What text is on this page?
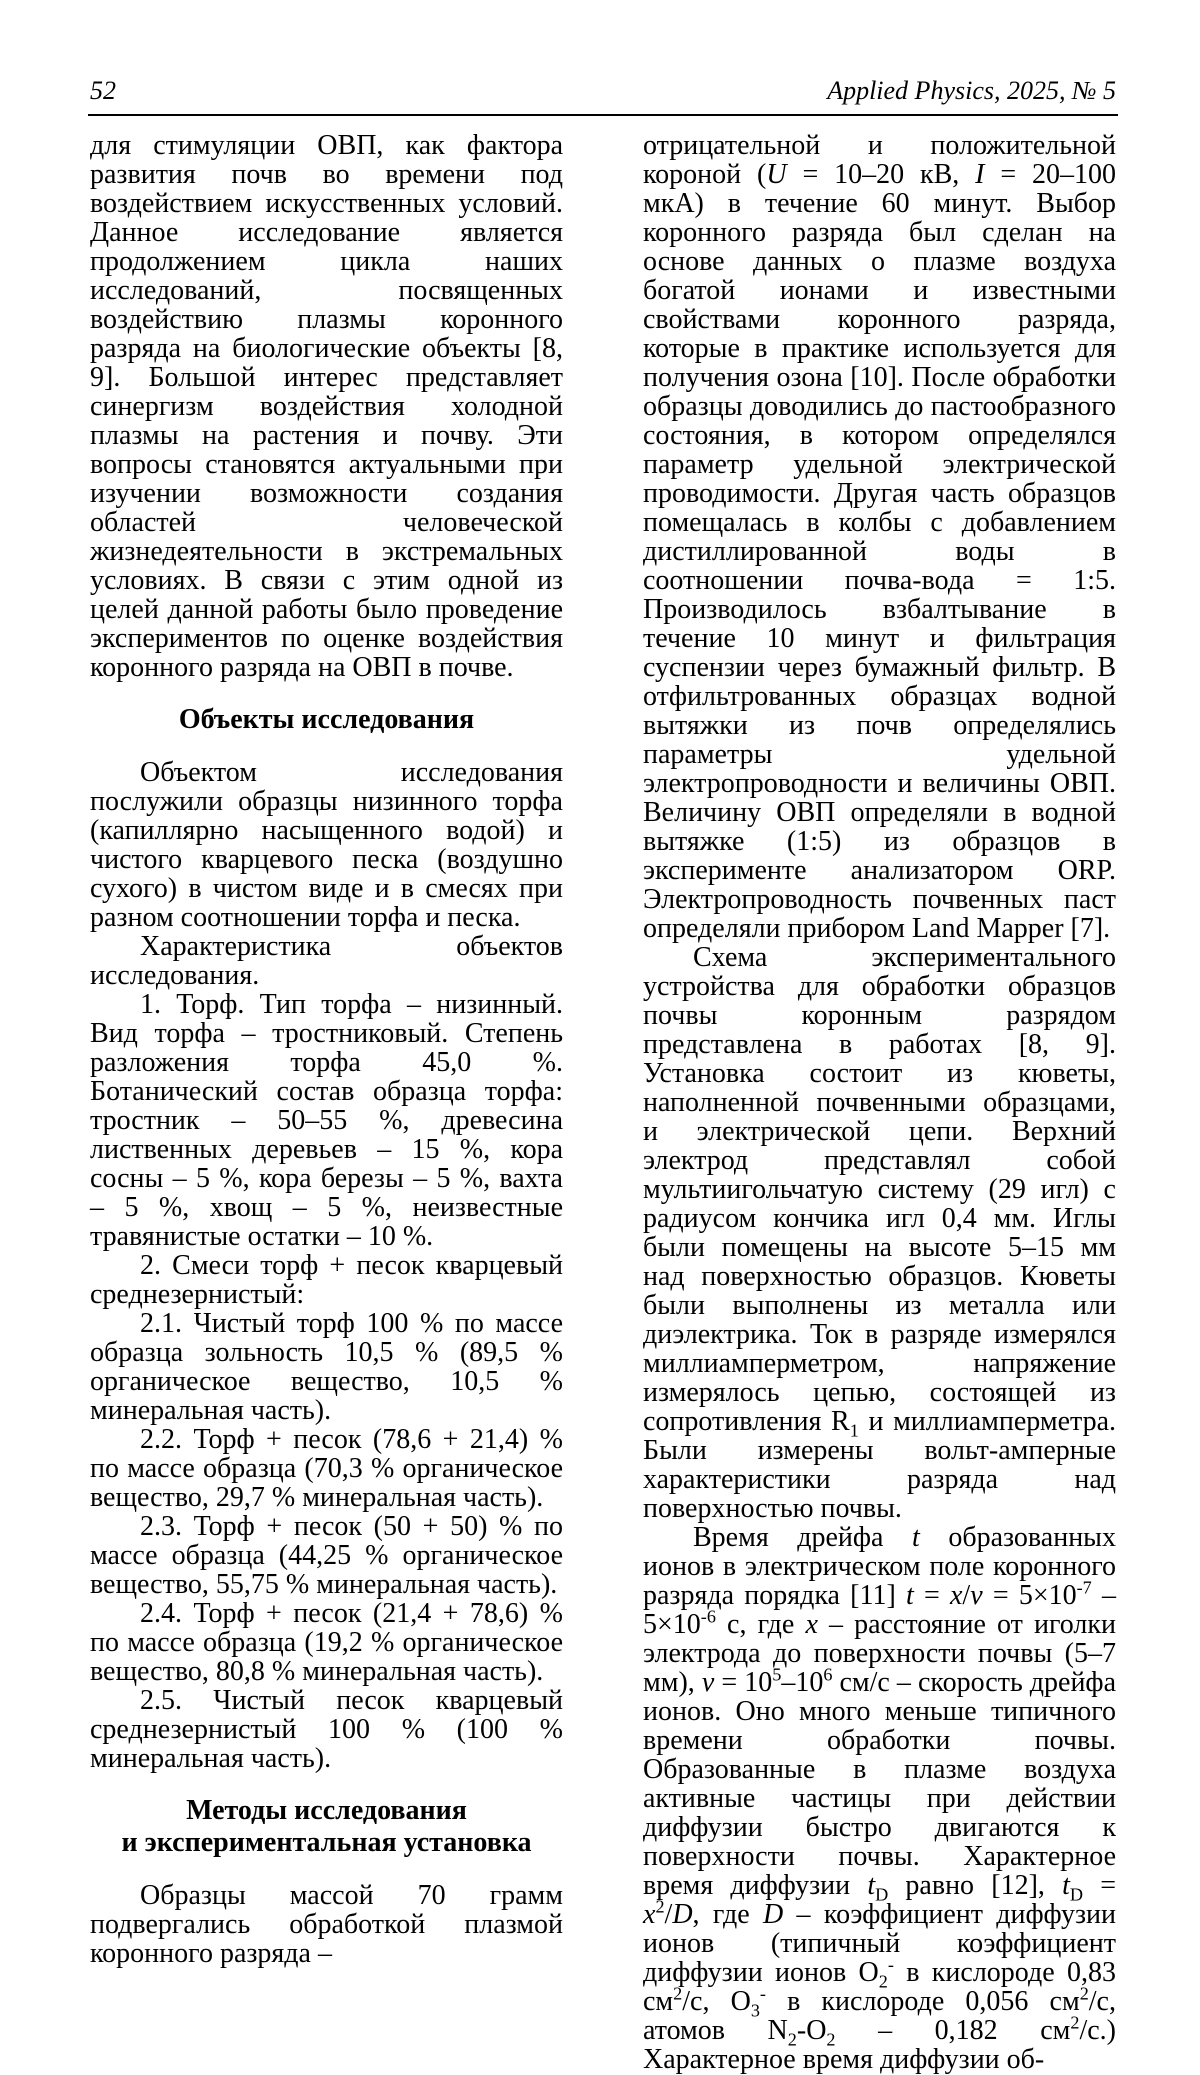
52	Applied Physics, 2025, № 5

для стимуляции ОВП, как фактора развития почв во времени под воздействием искусственных условий. Данное исследование является продолжением цикла наших исследований, посвященных воздействию плазмы коронного разряда на биологические объекты [8, 9]. Большой интерес представляет синергизм воздействия холодной плазмы на растения и почву. Эти вопросы становятся актуальными при изучении возможности создания областей человеческой жизнедеятельности в экстремальных условиях. В связи с этим одной из целей данной работы было проведение экспериментов по оценке воздействия коронного разряда на ОВП в почве.

Объекты исследования

Объектом исследования послужили образцы низинного торфа (капиллярно насыщенного водой) и чистого кварцевого песка (воздушно сухого) в чистом виде и в смесях при разном соотношении торфа и песка.

Характеристика объектов исследования.

1. Торф. Тип торфа – низинный. Вид торфа – тростниковый. Степень разложения торфа 45,0 %. Ботанический состав образца торфа: тростник – 50–55 %, древесина лиственных деревьев – 15 %, кора сосны – 5 %, кора березы – 5 %, вахта – 5 %, хвощ – 5 %, неизвестные травянистые остатки – 10 %.

2. Смеси торф + песок кварцевый среднезернистый:

2.1. Чистый торф 100 % по массе образца зольность 10,5 % (89,5 % органическое вещество, 10,5 % минеральная часть).

2.2. Торф + песок (78,6 + 21,4) % по массе образца (70,3 % органическое вещество, 29,7 % минеральная часть).

2.3. Торф + песок (50 + 50) % по массе образца (44,25 % органическое вещество, 55,75 % минеральная часть).

2.4. Торф + песок (21,4 + 78,6) % по массе образца (19,2 % органическое вещество, 80,8 % минеральная часть).

2.5. Чистый песок кварцевый среднезернистый 100 % (100 % минеральная часть).

Методы исследования
и экспериментальная установка

Образцы массой 70 грамм подвергались обработкой плазмой коронного разряда –

отрицательной и положительной короной (U = 10–20 кВ, I = 20–100 мкА) в течение 60 минут. Выбор коронного разряда был сделан на основе данных о плазме воздуха богатой ионами и известными свойствами коронного разряда, которые в практике используется для получения озона [10]. После обработки образцы доводились до пастообразного состояния, в котором определялся параметр удельной электрической проводимости. Другая часть образцов помещалась в колбы с добавлением дистиллированной воды в соотношении почва-вода = 1:5. Производилось взбалтывание в течение 10 минут и фильтрация суспензии через бумажный фильтр. В отфильтрованных образцах водной вытяжки из почв определялись параметры удельной электропроводности и величины ОВП. Величину ОВП определяли в водной вытяжке (1:5) из образцов в эксперименте анализатором ORP. Электропроводность почвенных паст определяли прибором Land Mapper [7].

Схема экспериментального устройства для обработки образцов почвы коронным разрядом представлена в работах [8, 9]. Установка состоит из кюветы, наполненной почвенными образцами, и электрической цепи. Верхний электрод представлял собой мультиигольчатую систему (29 игл) с радиусом кончика игл 0,4 мм. Иглы были помещены на высоте 5–15 мм над поверхностью образцов. Кюветы были выполнены из металла или диэлектрика. Ток в разряде измерялся миллиамперметром, напряжение измерялось цепью, состоящей из сопротивления $R_1$ и миллиамперметра. Были измерены вольт-амперные характеристики разряда над поверхностью почвы.

Время дрейфа t образованных ионов в электрическом поле коронного разряда порядка [11] $t = x/v = 5\times 10^{-7} - 5\times 10^{-6}$ с, где x – расстояние от иголки электрода до поверхности почвы (5–7 мм), $v = 10^5-10^6$ см/с – скорость дрейфа ионов. Оно много меньше типичного времени обработки почвы. Образованные в плазме воздуха активные частицы при действии диффузии быстро двигаются к поверхности почвы. Характерное время диффузии $t_D$ равно [12], $t_D = x^2/D$, где D – коэффициент диффузии ионов (типичный коэффициент диффузии ионов $O_2^-$ в кислороде 0,83 $см^2/с$, $O_3^-$ в кислороде 0,056 $см^2/с$, атомов $N_2-O_2 - 0,182$ $см^2/с$.) Характерное время диффузии об-
